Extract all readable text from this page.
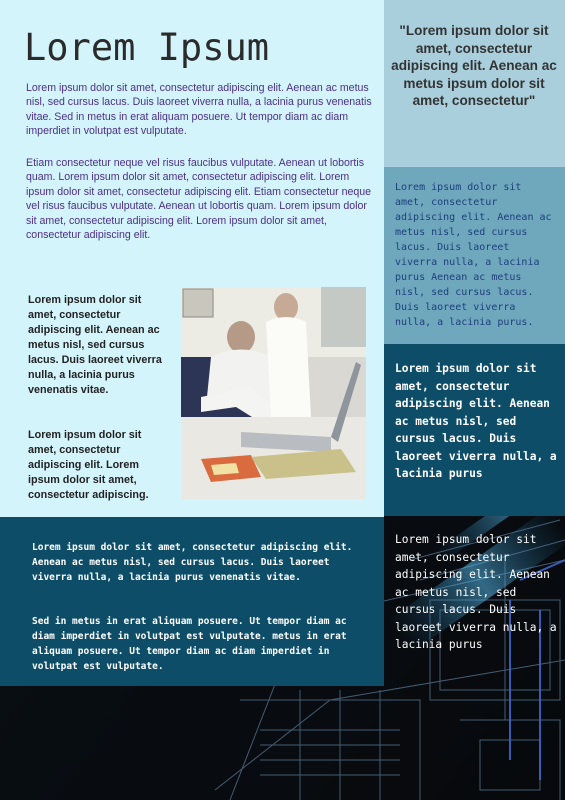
Lorem Ipsum

Lorem ipsum dolor sit amet, consectetur adipiscing elit. Aenean ac metus nisl, sed cursus lacus. Duis laoreet viverra nulla, a lacinia purus venenatis vitae. Sed in metus in erat aliquam posuere. Ut tempor diam ac diam imperdiet in volutpat est vulputate.

Etiam consectetur neque vel risus faucibus vulputate. Aenean ut lobortis quam. Lorem ipsum dolor sit amet, consectetur adipiscing elit. Lorem ipsum dolor sit amet, consectetur adipiscing elit. Etiam consectetur neque vel risus faucibus vulputate. Aenean ut lobortis quam. Lorem ipsum dolor sit amet, consectetur adipiscing elit. Lorem ipsum dolor sit amet, consectetur adipiscing elit.

Lorem ipsum dolor sit amet, consectetur adipiscing elit. Aenean ac metus nisl, sed cursus lacus. Duis laoreet viverra nulla, a lacinia purus venenatis vitae.

Lorem ipsum dolor sit amet, consectetur adipiscing elit. Lorem ipsum dolor sit amet, consectetur adipiscing.

"Lorem ipsum dolor sit amet, consectetur adipiscing elit. Aenean ac metus ipsum dolor sit amet, consectetur"

Lorem ipsum dolor sit amet, consectetur adipiscing elit. Aenean ac metus nisl, sed cursus lacus. Duis laoreet viverra nulla, a lacinia purus Aenean ac metus nisl, sed cursus lacus. Duis laoreet viverra nulla, a lacinia purus.

Lorem ipsum dolor sit amet, consectetur adipiscing elit. Aenean ac metus nisl, sed cursus lacus. Duis laoreet viverra nulla, a lacinia purus

Lorem ipsum dolor sit amet, consectetur adipiscing elit. Aenean ac metus nisl, sed cursus lacus. Duis laoreet viverra nulla, a lacinia purus

Lorem ipsum dolor sit amet, consectetur adipiscing elit. Aenean ac metus nisl, sed cursus lacus. Duis laoreet viverra nulla, a lacinia purus venenatis vitae.

Sed in metus in erat aliquam posuere. Ut tempor diam ac diam imperdiet in volutpat est vulputate. metus in erat aliquam posuere. Ut tempor diam ac diam imperdiet in volutpat est vulputate.
